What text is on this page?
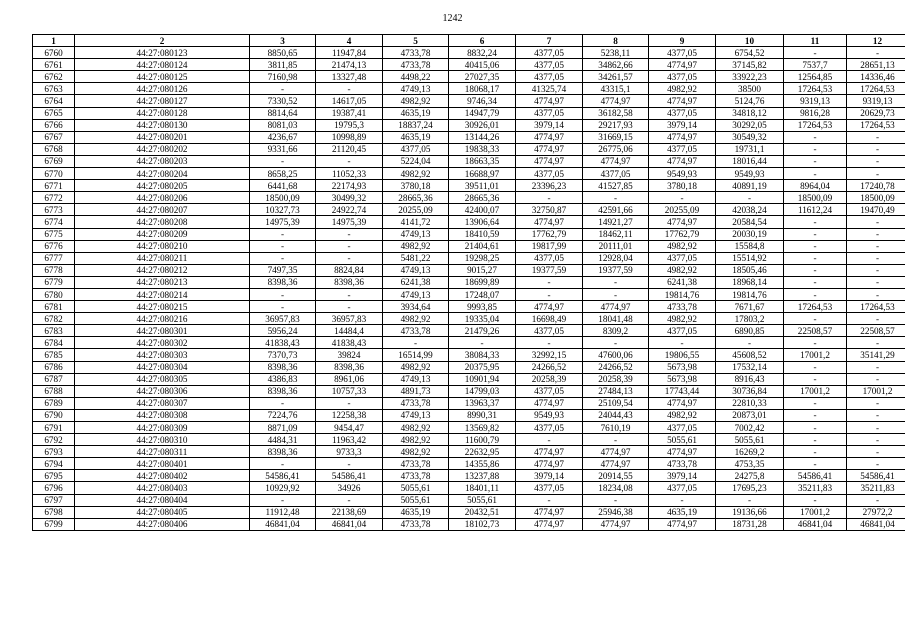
1242
1	2	3	4	5	6	7	8	9	10	11	12
6760	44:27:080123	8850,65	11947,84	4733,78	8832,24	4377,05	5238,11	4377,05	6754,52	-	-
6761	44:27:080124	3811,85	21474,13	4733,78	40415,06	4377,05	34862,66	4774,97	37145,82	7537,7	28651,13
6762	44:27:080125	7160,98	13327,48	4498,22	27027,35	4377,05	34261,57	4377,05	33922,23	12564,85	14336,46
6763	44:27:080126	-	-	4749,13	18068,17	41325,74	43315,1	4982,92	38500	17264,53	17264,53
6764	44:27:080127	7330,52	14617,05	4982,92	9746,34	4774,97	4774,97	4774,97	5124,76	9319,13	9319,13
6765	44:27:080128	8814,64	19387,41	4635,19	14947,79	4377,05	36182,58	4377,05	34818,12	9816,28	20629,73
6766	44:27:080130	8081,03	19795,3	18837,24	30926,01	3979,14	29217,93	3979,14	30292,05	17264,53	17264,53
6767	44:27:080201	4236,67	10998,89	4635,19	13144,26	4774,97	31669,15	4774,97	30549,32	-	-
6768	44:27:080202	9331,66	21120,45	4377,05	19838,33	4774,97	26775,06	4377,05	19731,1	-	-
6769	44:27:080203	-	-	5224,04	18663,35	4774,97	4774,97	4774,97	18016,44	-	-
6770	44:27:080204	8658,25	11052,33	4982,92	16688,97	4377,05	4377,05	9549,93	9549,93	-	-
6771	44:27:080205	6441,68	22174,93	3780,18	39511,01	23396,23	41527,85	3780,18	40891,19	8964,04	17240,78
6772	44:27:080206	18500,09	30499,32	28665,36	28665,36	-	-	-	-	18500,09	18500,09
6773	44:27:080207	10327,73	24922,74	20255,09	42400,07	32750,87	42591,66	20255,09	42038,24	11612,24	19470,49
6774	44:27:080208	14975,39	14975,39	4141,72	13906,64	4774,97	14921,27	4774,97	20584,54	-	-
6775	44:27:080209	-	-	4749,13	18410,59	17762,79	18462,11	17762,79	20030,19	-	-
6776	44:27:080210	-	-	4982,92	21404,61	19817,99	20111,01	4982,92	15584,8	-	-
6777	44:27:080211	-	-	5481,22	19298,25	4377,05	12928,04	4377,05	15514,92	-	-
6778	44:27:080212	7497,35	8824,84	4749,13	9015,27	19377,59	19377,59	4982,92	18505,46	-	-
6779	44:27:080213	8398,36	8398,36	6241,38	18699,89	-	-	6241,38	18968,14	-	-
6780	44:27:080214	-	-	4749,13	17248,07	-	-	19814,76	19814,76	-	-
6781	44:27:080215	-	-	3934,64	9993,85	4774,97	4774,97	4733,78	7671,67	17264,53	17264,53
6782	44:27:080216	36957,83	36957,83	4982,92	19335,04	16698,49	18041,48	4982,92	17803,2	-	-
6783	44:27:080301	5956,24	14484,4	4733,78	21479,26	4377,05	8309,2	4377,05	6890,85	22508,57	22508,57
6784	44:27:080302	41838,43	41838,43	-	-	-	-	-	-	-	-
6785	44:27:080303	7370,73	39824	16514,99	38084,33	32992,15	47600,06	19806,55	45608,52	17001,2	35141,29
6786	44:27:080304	8398,36	8398,36	4982,92	20375,95	24266,52	24266,52	5673,98	17532,14	-	-
6787	44:27:080305	4386,83	8961,06	4749,13	10901,94	20258,39	20258,39	5673,98	8916,43	-	-
6788	44:27:080306	8398,36	10757,33	4891,73	14799,03	4377,05	27484,13	17743,44	30736,84	17001,2	17001,2
6789	44:27:080307	-	-	4733,78	13963,37	4774,97	25109,54	4774,97	22810,33	-	-
6790	44:27:080308	7224,76	12258,38	4749,13	8990,31	9549,93	24044,43	4982,92	20873,01	-	-
6791	44:27:080309	8871,09	9454,47	4982,92	13569,82	4377,05	7610,19	4377,05	7002,42	-	-
6792	44:27:080310	4484,31	11963,42	4982,92	11600,79	-	-	5055,61	5055,61	-	-
6793	44:27:080311	8398,36	9733,3	4982,92	22632,95	4774,97	4774,97	4774,97	16269,2	-	-
6794	44:27:080401	-	-	4733,78	14355,86	4774,97	4774,97	4733,78	4753,35	-	-
6795	44:27:080402	54586,41	54586,41	4733,78	13237,88	3979,14	20914,55	3979,14	24275,8	54586,41	54586,41
6796	44:27:080403	10929,92	34926	5055,61	18401,11	4377,05	18234,08	4377,05	17695,23	35211,83	35211,83
6797	44:27:080404	-	-	5055,61	5055,61	-	-	-	-	-	-
6798	44:27:080405	11912,48	22138,69	4635,19	20432,51	4774,97	25946,38	4635,19	19136,66	17001,2	27972,2
6799	44:27:080406	46841,04	46841,04	4733,78	18102,73	4774,97	4774,97	4774,97	18731,28	46841,04	46841,04
